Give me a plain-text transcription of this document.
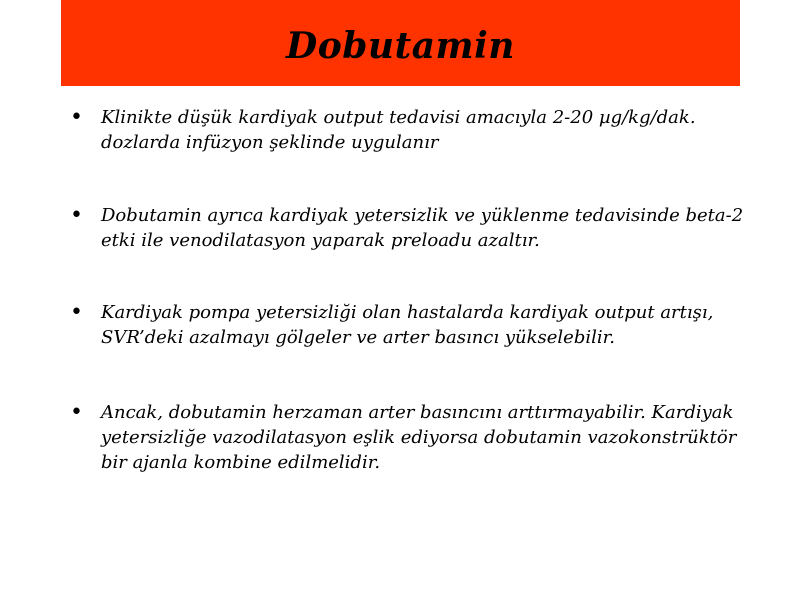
Dobutamin
• Klinikte düşük kardiyak output tedavisi amacıyla 2-20 µg/kg/dak. dozlarda infüzyon şeklinde uygulanır
• Dobutamin ayrıca kardiyak yetersizlik ve yüklenme tedavisinde beta-2 etki ile venodilatasyon yaparak preloadu azaltır.
• Kardiyak pompa yetersizliği olan hastalarda kardiyak output artışı, SVR’deki azalmayı gölgeler ve arter basıncı yükselebilir.
• Ancak, dobutamin herzaman arter basıncını arttırmayabilir. Kardiyak yetersizliğe vazodilatasyon eşlik ediyorsa dobutamin vazokonstrüktör bir ajanla kombine edilmelidir.
